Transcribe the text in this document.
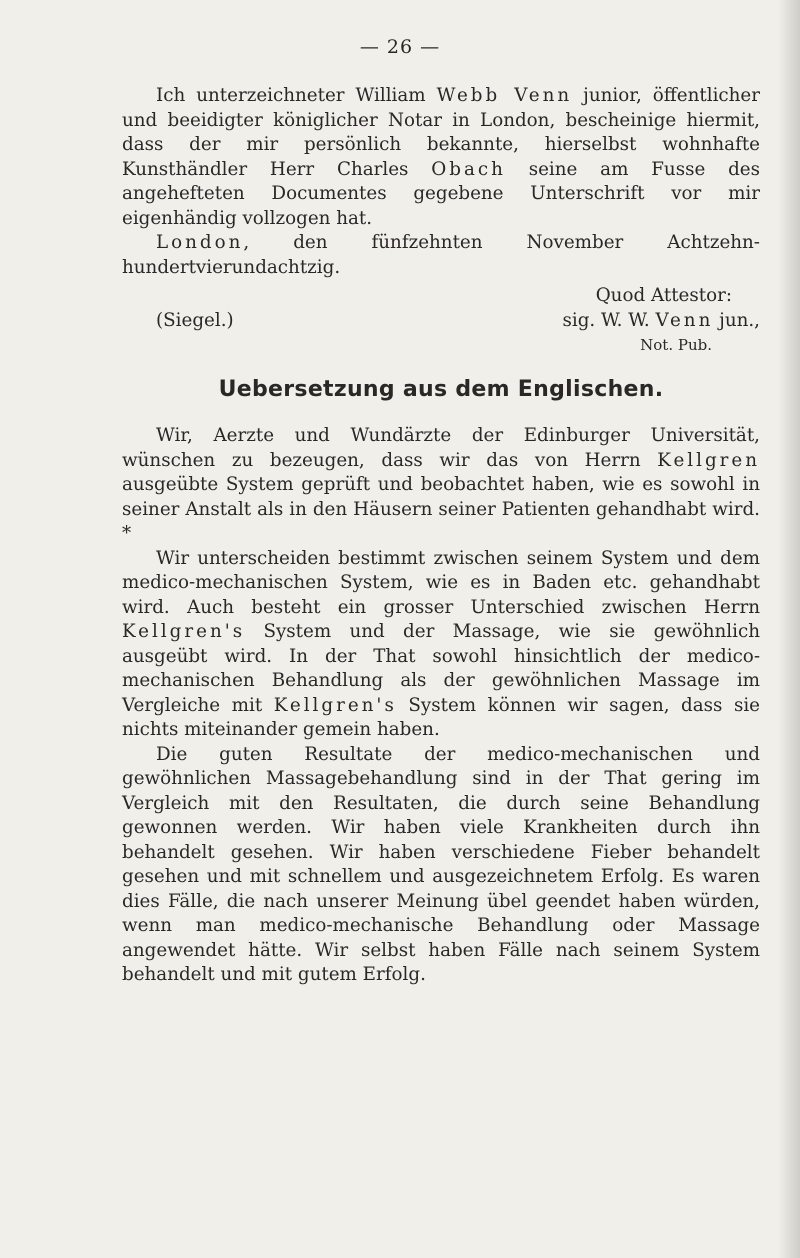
— 26 —

Ich unterzeichneter William Webb Venn junior, öffentlicher und beeidigter königlicher Notar in London, bescheinige hiermit, dass der mir persönlich bekannte, hierselbst wohnhafte Kunsthändler Herr Charles Obach seine am Fusse des angehefteten Documentes gegebene Unterschrift vor mir eigenhändig vollzogen hat.

London, den fünfzehnten November Achtzehn-hundertvierundachtzig.

Quod Attestor:

(Siegel.)	sig. W. W. Venn jun.,

Not. Pub.

Uebersetzung aus dem Englischen.

Wir, Aerzte und Wundärzte der Edinburger Universität, wünschen zu bezeugen, dass wir das von Herrn Kellgren ausgeübte System geprüft und beobachtet haben, wie es sowohl in seiner Anstalt als in den Häusern seiner Patienten gehandhabt wird. *

Wir unterscheiden bestimmt zwischen seinem System und dem medico-mechanischen System, wie es in Baden etc. gehandhabt wird. Auch besteht ein grosser Unterschied zwischen Herrn Kellgren's System und der Massage, wie sie gewöhnlich ausgeübt wird. In der That sowohl hinsichtlich der medico-mechanischen Behandlung als der gewöhnlichen Massage im Vergleiche mit Kellgren's System können wir sagen, dass sie nichts miteinander gemein haben.

Die guten Resultate der medico-mechanischen und gewöhnlichen Massagebehandlung sind in der That gering im Vergleich mit den Resultaten, die durch seine Behandlung gewonnen werden. Wir haben viele Krankheiten durch ihn behandelt gesehen. Wir haben verschiedene Fieber behandelt gesehen und mit schnellem und ausgezeichnetem Erfolg. Es waren dies Fälle, die nach unserer Meinung übel geendet haben würden, wenn man medico-mechanische Behandlung oder Massage angewendet hätte. Wir selbst haben Fälle nach seinem System behandelt und mit gutem Erfolg.
